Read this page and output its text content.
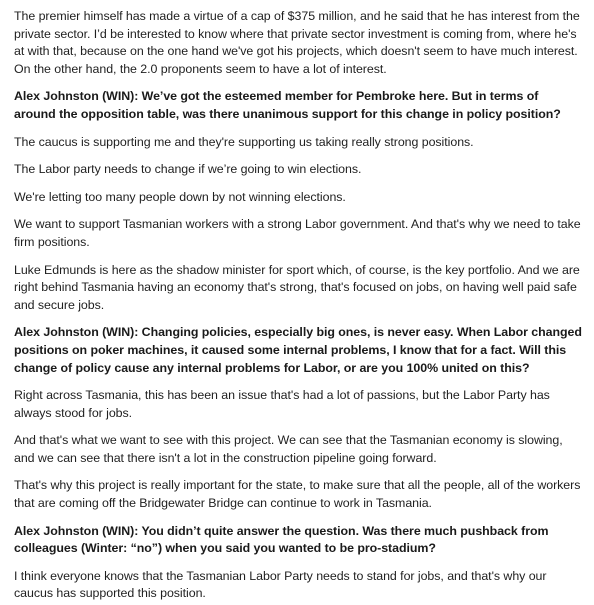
The premier himself has made a virtue of a cap of $375 million, and he said that he has interest from the private sector. I’d be interested to know where that private sector investment is coming from, where he's at with that, because on the one hand we've got his projects, which doesn't seem to have much interest. On the other hand, the 2.0 proponents seem to have a lot of interest.

Alex Johnston (WIN): We’ve got the esteemed member for Pembroke here. But in terms of around the opposition table, was there unanimous support for this change in policy position?

The caucus is supporting me and they're supporting us taking really strong positions.

The Labor party needs to change if we’re going to win elections.

We're letting too many people down by not winning elections.

We want to support Tasmanian workers with a strong Labor government. And that's why we need to take firm positions.

Luke Edmunds is here as the shadow minister for sport which, of course, is the key portfolio. And we are right behind Tasmania having an economy that's strong, that's focused on jobs, on having well paid safe and secure jobs.

Alex Johnston (WIN): Changing policies, especially big ones, is never easy. When Labor changed positions on poker machines, it caused some internal problems, I know that for a fact. Will this change of policy cause any internal problems for Labor, or are you 100% united on this?

Right across Tasmania, this has been an issue that's had a lot of passions, but the Labor Party has always stood for jobs.

And that's what we want to see with this project. We can see that the Tasmanian economy is slowing, and we can see that there isn't a lot in the construction pipeline going forward.

That's why this project is really important for the state, to make sure that all the people, all of the workers that are coming off the Bridgewater Bridge can continue to work in Tasmania.

Alex Johnston (WIN): You didn’t quite answer the question. Was there much pushback from colleagues (Winter: “no”) when you said you wanted to be pro-stadium?

I think everyone knows that the Tasmanian Labor Party needs to stand for jobs, and that's why our caucus has supported this position.
